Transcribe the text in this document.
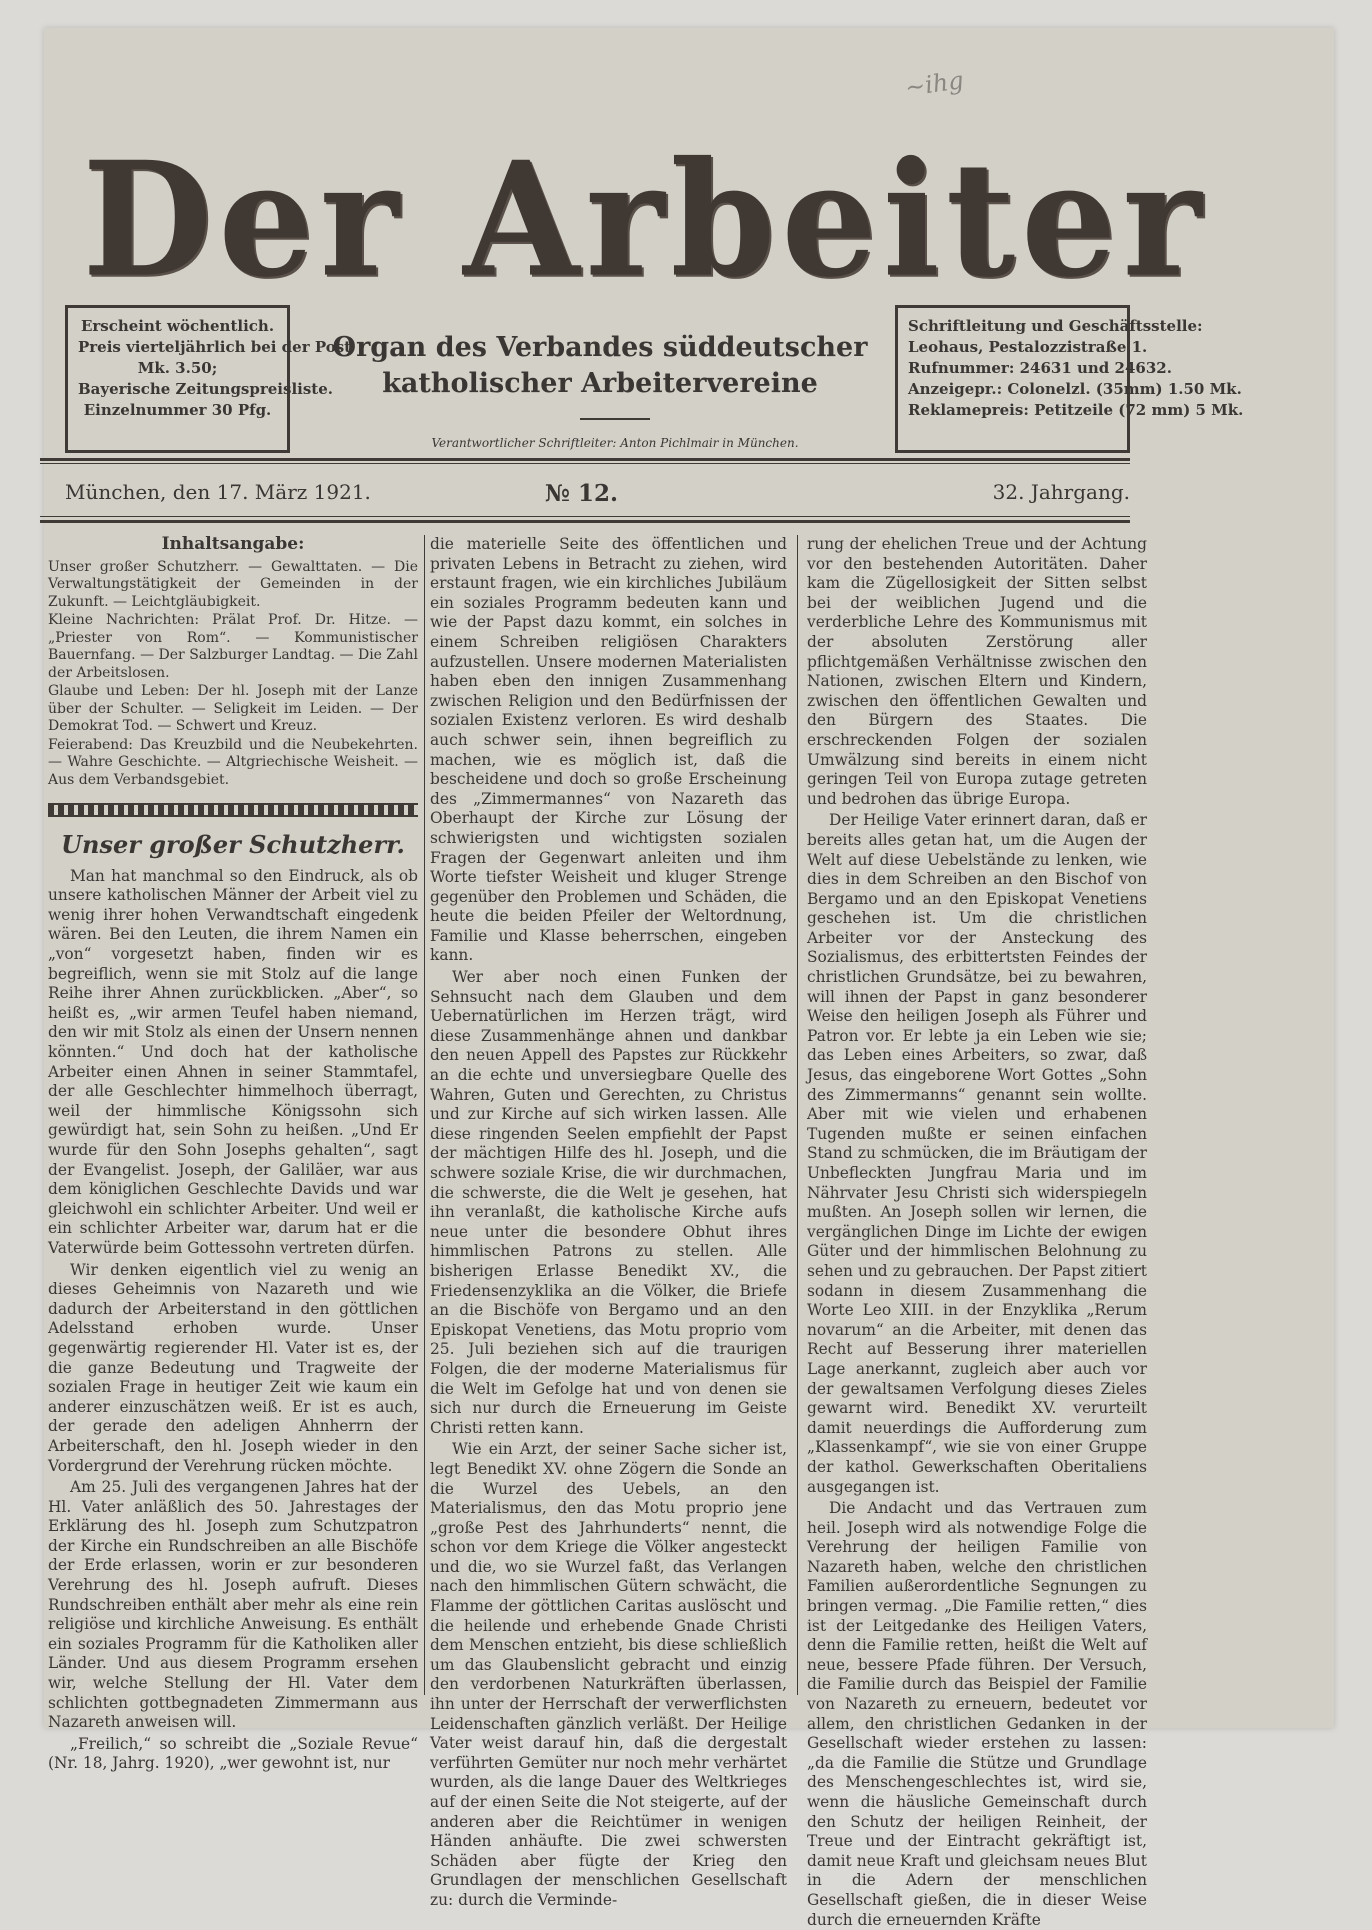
~ihg
Der Arbeiter
Erscheint wöchentlich.
Preis vierteljährlich bei der Post
Mk. 3.50;
Bayerische Zeitungspreisliste.
Einzelnummer 30 Pfg.
Organ des Verbandes süddeutscher
katholischer Arbeitervereine
Verantwortlicher Schriftleiter: Anton Pichlmair in München.
Schriftleitung und Geschäftsstelle:
Leohaus, Pestalozzistraße 1.
Rufnummer: 24631 und 24632.
Anzeigepr.: Colonelzl. (35mm) 1.50 Mk.
Reklamepreis: Petitzeile (72 mm) 5 Mk.
München, den 17. März 1921.	№ 12.	32. Jahrgang.
Inhaltsangabe:

Unser großer Schutzherr. — Gewalttaten. — Die Verwaltungstätigkeit der Gemeinden in der Zukunft. — Leichtgläubigkeit.

Kleine Nachrichten: Prälat Prof. Dr. Hitze. — „Priester von Rom“. — Kommunistischer Bauernfang. — Der Salzburger Landtag. — Die Zahl der Arbeitslosen.

Glaube und Leben: Der hl. Joseph mit der Lanze über der Schulter. — Seligkeit im Leiden. — Der Demokrat Tod. — Schwert und Kreuz.

Feierabend: Das Kreuzbild und die Neubekehrten. — Wahre Geschichte. — Altgriechische Weisheit. — Aus dem Verbandsgebiet.

Unser großer Schutzherr.

Man hat manchmal so den Eindruck, als ob unsere katholischen Männer der Arbeit viel zu wenig ihrer hohen Verwandtschaft eingedenk wären. Bei den Leuten, die ihrem Namen ein „von“ vorgesetzt haben, finden wir es begreiflich, wenn sie mit Stolz auf die lange Reihe ihrer Ahnen zurückblicken. „Aber“, so heißt es, „wir armen Teufel haben niemand, den wir mit Stolz als einen der Unsern nennen könnten.“ Und doch hat der katholische Arbeiter einen Ahnen in seiner Stammtafel, der alle Geschlechter himmelhoch überragt, weil der himmlische Königssohn sich gewürdigt hat, sein Sohn zu heißen. „Und Er wurde für den Sohn Josephs gehalten“, sagt der Evangelist. Joseph, der Galiläer, war aus dem königlichen Geschlechte Davids und war gleichwohl ein schlichter Arbeiter. Und weil er ein schlichter Arbeiter war, darum hat er die Vaterwürde beim Gottessohn vertreten dürfen.

Wir denken eigentlich viel zu wenig an dieses Geheimnis von Nazareth und wie dadurch der Arbeiterstand in den göttlichen Adelsstand erhoben wurde. Unser gegenwärtig regierender Hl. Vater ist es, der die ganze Bedeutung und Tragweite der sozialen Frage in heutiger Zeit wie kaum ein anderer einzuschätzen weiß. Er ist es auch, der gerade den adeligen Ahnherrn der Arbeiterschaft, den hl. Joseph wieder in den Vordergrund der Verehrung rücken möchte.

Am 25. Juli des vergangenen Jahres hat der Hl. Vater anläßlich des 50. Jahrestages der Erklärung des hl. Joseph zum Schutzpatron der Kirche ein Rundschreiben an alle Bischöfe der Erde erlassen, worin er zur besonderen Verehrung des hl. Joseph aufruft. Dieses Rundschreiben enthält aber mehr als eine rein religiöse und kirchliche Anweisung. Es enthält ein soziales Programm für die Katholiken aller Länder. Und aus diesem Programm ersehen wir, welche Stellung der Hl. Vater dem schlichten gottbegnadeten Zimmermann aus Nazareth anweisen will.

„Freilich,“ so schreibt die „Soziale Revue“ (Nr. 18, Jahrg. 1920), „wer gewohnt ist, nur

die materielle Seite des öffentlichen und privaten Lebens in Betracht zu ziehen, wird erstaunt fragen, wie ein kirchliches Jubiläum ein soziales Programm bedeuten kann und wie der Papst dazu kommt, ein solches in einem Schreiben religiösen Charakters aufzustellen. Unsere modernen Materialisten haben eben den innigen Zusammenhang zwischen Religion und den Bedürfnissen der sozialen Existenz verloren. Es wird deshalb auch schwer sein, ihnen begreiflich zu machen, wie es möglich ist, daß die bescheidene und doch so große Erscheinung des „Zimmermannes“ von Nazareth das Oberhaupt der Kirche zur Lösung der schwierigsten und wichtigsten sozialen Fragen der Gegenwart anleiten und ihm Worte tiefster Weisheit und kluger Strenge gegenüber den Problemen und Schäden, die heute die beiden Pfeiler der Weltordnung, Familie und Klasse beherrschen, eingeben kann.

Wer aber noch einen Funken der Sehnsucht nach dem Glauben und dem Uebernatürlichen im Herzen trägt, wird diese Zusammenhänge ahnen und dankbar den neuen Appell des Papstes zur Rückkehr an die echte und unversiegbare Quelle des Wahren, Guten und Gerechten, zu Christus und zur Kirche auf sich wirken lassen. Alle diese ringenden Seelen empfiehlt der Papst der mächtigen Hilfe des hl. Joseph, und die schwere soziale Krise, die wir durchmachen, die schwerste, die die Welt je gesehen, hat ihn veranlaßt, die katholische Kirche aufs neue unter die besondere Obhut ihres himmlischen Patrons zu stellen. Alle bisherigen Erlasse Benedikt XV., die Friedensenzyklika an die Völker, die Briefe an die Bischöfe von Bergamo und an den Episkopat Venetiens, das Motu proprio vom 25. Juli beziehen sich auf die traurigen Folgen, die der moderne Materialismus für die Welt im Gefolge hat und von denen sie sich nur durch die Erneuerung im Geiste Christi retten kann.

Wie ein Arzt, der seiner Sache sicher ist, legt Benedikt XV. ohne Zögern die Sonde an die Wurzel des Uebels, an den Materialismus, den das Motu proprio jene „große Pest des Jahrhunderts“ nennt, die schon vor dem Kriege die Völker angesteckt und die, wo sie Wurzel faßt, das Verlangen nach den himmlischen Gütern schwächt, die Flamme der göttlichen Caritas auslöscht und die heilende und erhebende Gnade Christi dem Menschen entzieht, bis diese schließlich um das Glaubenslicht gebracht und einzig den verdorbenen Naturkräften überlassen, ihn unter der Herrschaft der verwerflichsten Leidenschaften gänzlich verläßt. Der Heilige Vater weist darauf hin, daß die dergestalt verführten Gemüter nur noch mehr verhärtet wurden, als die lange Dauer des Weltkrieges auf der einen Seite die Not steigerte, auf der anderen aber die Reichtümer in wenigen Händen anhäufte. Die zwei schwersten Schäden aber fügte der Krieg den Grundlagen der menschlichen Gesellschaft zu: durch die Verminde-

rung der ehelichen Treue und der Achtung vor den bestehenden Autoritäten. Daher kam die Zügellosigkeit der Sitten selbst bei der weiblichen Jugend und die verderbliche Lehre des Kommunismus mit der absoluten Zerstörung aller pflichtgemäßen Verhältnisse zwischen den Nationen, zwischen Eltern und Kindern, zwischen den öffentlichen Gewalten und den Bürgern des Staates. Die erschreckenden Folgen der sozialen Umwälzung sind bereits in einem nicht geringen Teil von Europa zutage getreten und bedrohen das übrige Europa.

Der Heilige Vater erinnert daran, daß er bereits alles getan hat, um die Augen der Welt auf diese Uebelstände zu lenken, wie dies in dem Schreiben an den Bischof von Bergamo und an den Episkopat Venetiens geschehen ist. Um die christlichen Arbeiter vor der Ansteckung des Sozialismus, des erbittertsten Feindes der christlichen Grundsätze, bei zu bewahren, will ihnen der Papst in ganz besonderer Weise den heiligen Joseph als Führer und Patron vor. Er lebte ja ein Leben wie sie; das Leben eines Arbeiters, so zwar, daß Jesus, das eingeborene Wort Gottes „Sohn des Zimmermanns“ genannt sein wollte. Aber mit wie vielen und erhabenen Tugenden mußte er seinen einfachen Stand zu schmücken, die im Bräutigam der Unbefleckten Jungfrau Maria und im Nährvater Jesu Christi sich widerspiegeln mußten. An Joseph sollen wir lernen, die vergänglichen Dinge im Lichte der ewigen Güter und der himmlischen Belohnung zu sehen und zu gebrauchen. Der Papst zitiert sodann in diesem Zusammenhang die Worte Leo XIII. in der Enzyklika „Rerum novarum“ an die Arbeiter, mit denen das Recht auf Besserung ihrer materiellen Lage anerkannt, zugleich aber auch vor der gewaltsamen Verfolgung dieses Zieles gewarnt wird. Benedikt XV. verurteilt damit neuerdings die Aufforderung zum „Klassenkampf“, wie sie von einer Gruppe der kathol. Gewerkschaften Oberitaliens ausgegangen ist.

Die Andacht und das Vertrauen zum heil. Joseph wird als notwendige Folge die Verehrung der heiligen Familie von Nazareth haben, welche den christlichen Familien außerordentliche Segnungen zu bringen vermag. „Die Familie retten,“ dies ist der Leitgedanke des Heiligen Vaters, denn die Familie retten, heißt die Welt auf neue, bessere Pfade führen. Der Versuch, die Familie durch das Beispiel der Familie von Nazareth zu erneuern, bedeutet vor allem, den christlichen Gedanken in der Gesellschaft wieder erstehen zu lassen: „da die Familie die Stütze und Grundlage des Menschengeschlechtes ist, wird sie, wenn die häusliche Gemeinschaft durch den Schutz der heiligen Reinheit, der Treue und der Eintracht gekräftigt ist, damit neue Kraft und gleichsam neues Blut in die Adern der menschlichen Gesellschaft gießen, die in dieser Weise durch die erneuernden Kräfte
